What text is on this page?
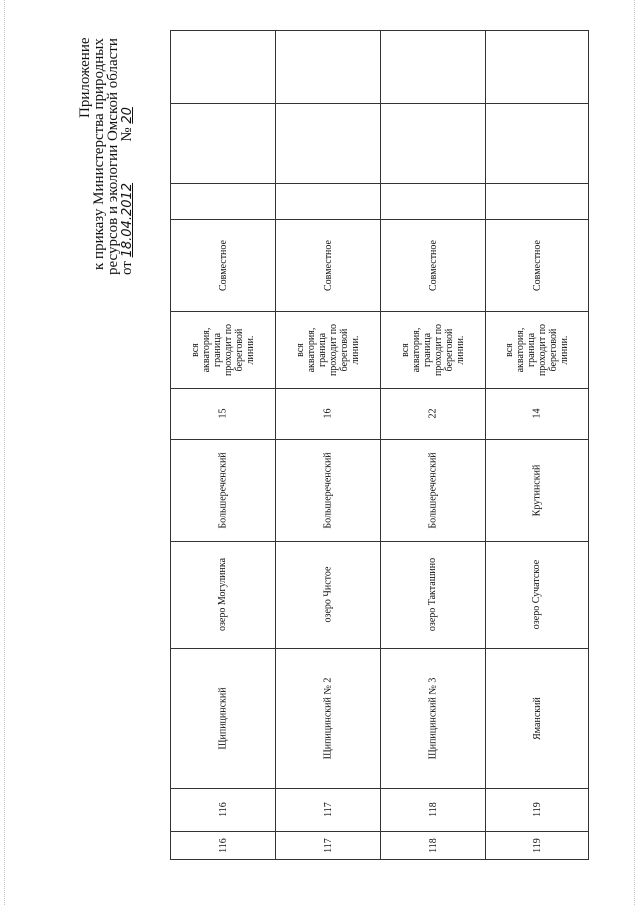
Приложение
к приказу Министерства природных
ресурсов и экологии Омской области
от 18.04.2012           № 20
Совместное
вся
акватория,
граница
проходит по
береговой
линии.
15
Большереченский
озеро Могулинка
Щипицинский
116
116
Совместное
вся
акватория,
граница
проходит по
береговой
линии.
16
Большереченский
озеро Чистое
Щипицинский № 2
117
117
Совместное
вся
акватория,
граница
проходит по
береговой
линии.
22
Большереченский
озеро Такташино
Щипицинский № 3
118
118
Совместное
вся
акватория,
граница
проходит по
береговой
линии.
14
Крутинский
озеро Сучатское
Яманский
119
119
